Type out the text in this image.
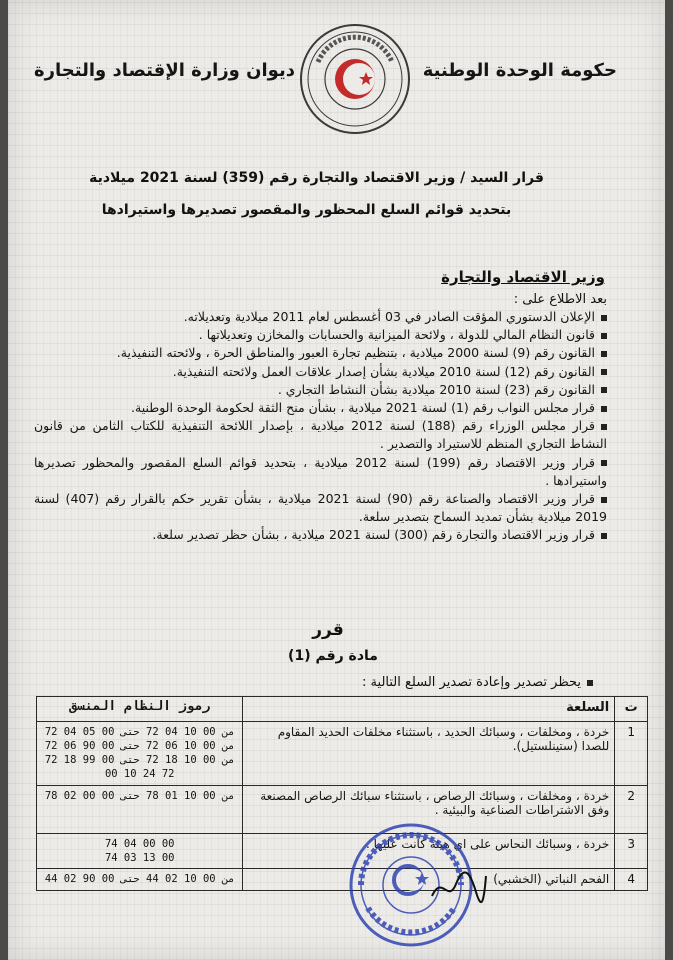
حكومة الوحدة الوطنية
ديوان وزارة الإقتصاد والتجارة
قرار السيد / وزير الاقتصاد والتجارة رقم (359) لسنة 2021 ميلادية
بتحديد قوائم السلع المحظور والمقصور تصديرها واستيرادها
وزير الاقتصاد والتجارة
بعد الاطلاع على :
الإعلان الدستوري المؤقت الصادر في 03 أغسطس لعام 2011 ميلادية وتعديلاته.
قانون النظام المالي للدولة ، ولائحة الميزانية والحسابات والمخازن وتعديلاتها .
القانون رقم (9) لسنة 2000 ميلادية ، بتنظيم تجارة العبور والمناطق الحرة ، ولائحته التنفيذية.
القانون رقم (12) لسنة 2010 ميلادية بشأن إصدار علاقات العمل ولائحته التنفيذية.
القانون رقم (23) لسنة 2010 ميلادية بشأن النشاط التجاري .
قرار مجلس النواب رقم (1) لسنة 2021 ميلادية ، بشأن منح الثقة لحكومة الوحدة الوطنية.
قرار مجلس الوزراء رقم (188) لسنة 2012 ميلادية ، بإصدار اللائحة التنفيذية للكتاب الثامن من قانون النشاط التجاري المنظم للاستيراد والتصدير .
قرار وزير الاقتصاد رقم (199) لسنة 2012 ميلادية ، بتحديد قوائم السلع المقصور والمحظور تصديرها واستيرادها .
قرار وزير الاقتصاد والصناعة رقم (90) لسنة 2021 ميلادية ، بشأن تقرير حكم بالقرار رقم (407) لسنة 2019 ميلادية بشأن تمديد السماح بتصدير سلعة.
قرار وزير الاقتصاد والتجارة رقم (300) لسنة 2021 ميلادية ، بشأن حظر تصدير سلعة.
قرر
مادة رقم (1)
يحظر تصدير وإعادة تصدير السلع التالية :
ت	السلعة	رموز النظام المنسق
1	خردة ، ومخلفات ، وسبائك الحديد ، باستثناء مخلفات الحديد المقاوم للصدا (ستينلستيل).	من 00 10 04 72 حتى 00 05 04 72
من 00 10 06 72 حتى 00 90 06 72
من 00 10 18 72 حتى 00 99 18 72
00 10 24 72

2	خردة ، ومخلفات ، وسبائك الرصاص ، باستثناء سبائك الرصاص المصنعة وفق الاشتراطات الصناعية والبيئية .	من 00 10 01 78 حتى 00 00 02 78

3	خردة ، وسبائك النحاس على اي هيئة كانت عليها .	74 04 00 00
74 03 13 00

4	الفحم النباتي (الخشبي)	من 00 10 02 44 حتى 00 90 02 44
